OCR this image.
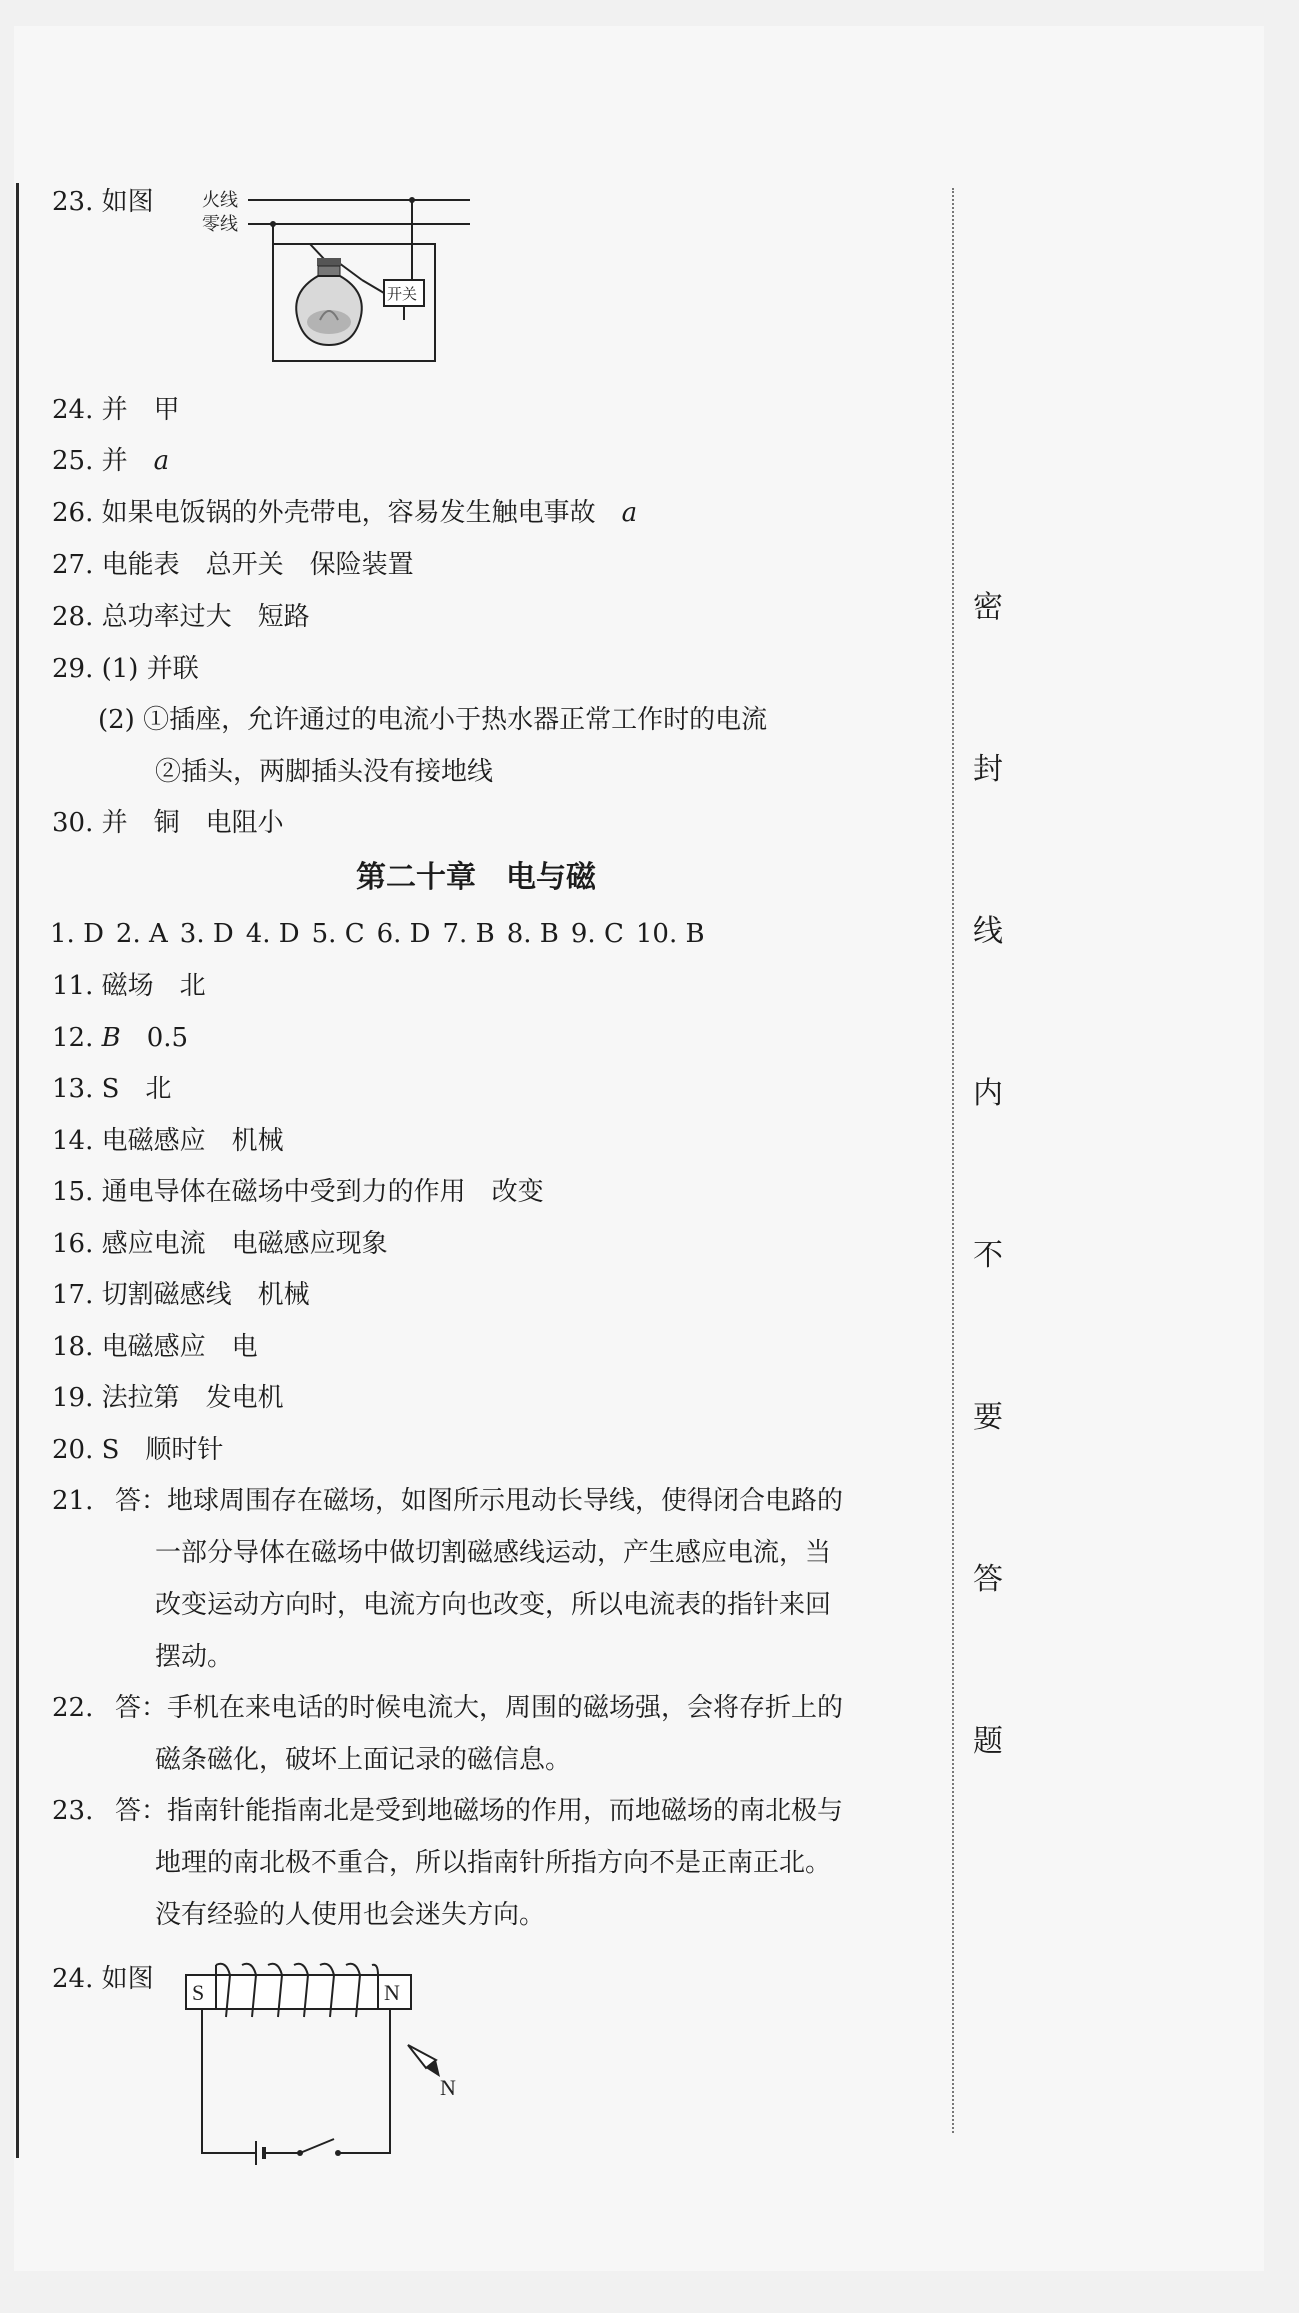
密
封
线
内
不
要
答
题
23. 如图	火线
零线
开关
24. 并　甲
25. 并　a
26. 如果电饭锅的外壳带电，容易发生触电事故　a
27. 电能表　总开关　保险装置
28. 总功率过大　短路
29. (1) 并联
(2) ①插座，允许通过的电流小于热水器正常工作时的电流
②插头，两脚插头没有接地线
30. 并　铜　电阻小
第二十章　电与磁
1. D 2. A 3. D 4. D 5. C 6. D 7. B 8. B 9. C 10. B
11. 磁场　北
12. B　0.5
13. S　北
14. 电磁感应　机械
15. 通电导体在磁场中受到力的作用　改变
16. 感应电流　电磁感应现象
17. 切割磁感线　机械
18. 电磁感应　电
19. 法拉第　发电机
20. S　顺时针
21. 答：地球周围存在磁场，如图所示甩动长导线，使得闭合电路的
一部分导体在磁场中做切割磁感线运动，产生感应电流，当
改变运动方向时，电流方向也改变，所以电流表的指针来回
摆动。
22. 答：手机在来电话的时候电流大，周围的磁场强，会将存折上的
磁条磁化，破坏上面记录的磁信息。
23. 答：指南针能指南北是受到地磁场的作用，而地磁场的南北极与
地理的南北极不重合，所以指南针所指方向不是正南正北。
没有经验的人使用也会迷失方向。
24. 如图 S	N
N
